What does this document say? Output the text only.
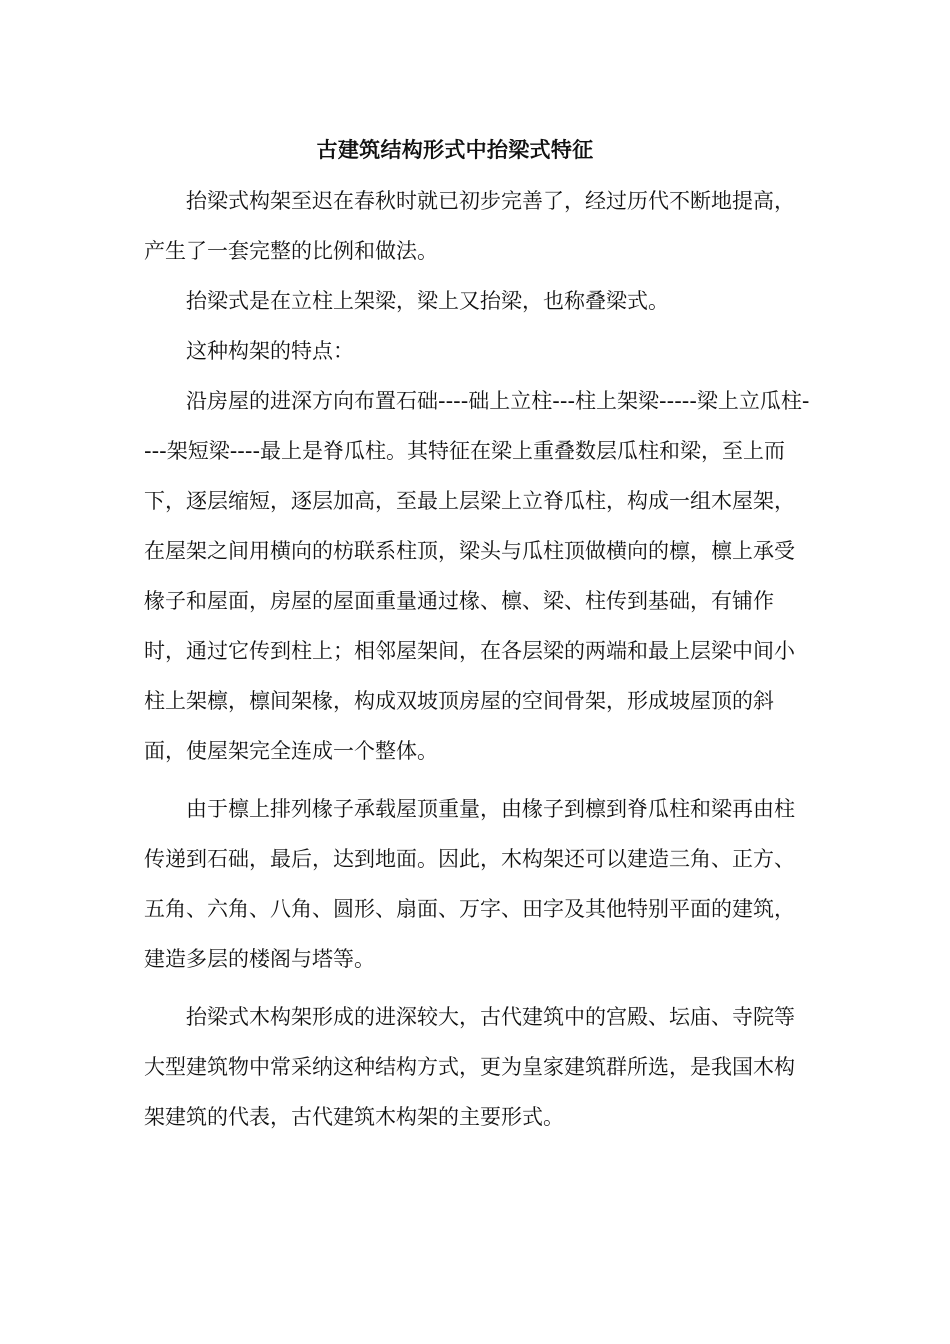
古建筑结构形式中抬梁式特征

抬梁式构架至迟在春秋时就已初步完善了，经过历代不断地提高，产生了一套完整的比例和做法。

抬梁式是在立柱上架梁，梁上又抬梁，也称叠梁式。

这种构架的特点：

沿房屋的进深方向布置石础----础上立柱---柱上架梁-----梁上立瓜柱----架短梁----最上是脊瓜柱。其特征在梁上重叠数层瓜柱和梁，至上而下，逐层缩短，逐层加高，至最上层梁上立脊瓜柱，构成一组木屋架，在屋架之间用横向的枋联系柱顶，梁头与瓜柱顶做横向的檩，檩上承受椽子和屋面，房屋的屋面重量通过椽、檩、梁、柱传到基础，有铺作时，通过它传到柱上；相邻屋架间，在各层梁的两端和最上层梁中间小柱上架檩，檩间架椽，构成双坡顶房屋的空间骨架，形成坡屋顶的斜面，使屋架完全连成一个整体。

由于檩上排列椽子承载屋顶重量，由椽子到檩到脊瓜柱和梁再由柱传递到石础，最后，达到地面。因此，木构架还可以建造三角、正方、五角、六角、八角、圆形、扇面、万字、田字及其他特别平面的建筑，建造多层的楼阁与塔等。

抬梁式木构架形成的进深较大，古代建筑中的宫殿、坛庙、寺院等大型建筑物中常采纳这种结构方式，更为皇家建筑群所选，是我国木构架建筑的代表，古代建筑木构架的主要形式。
